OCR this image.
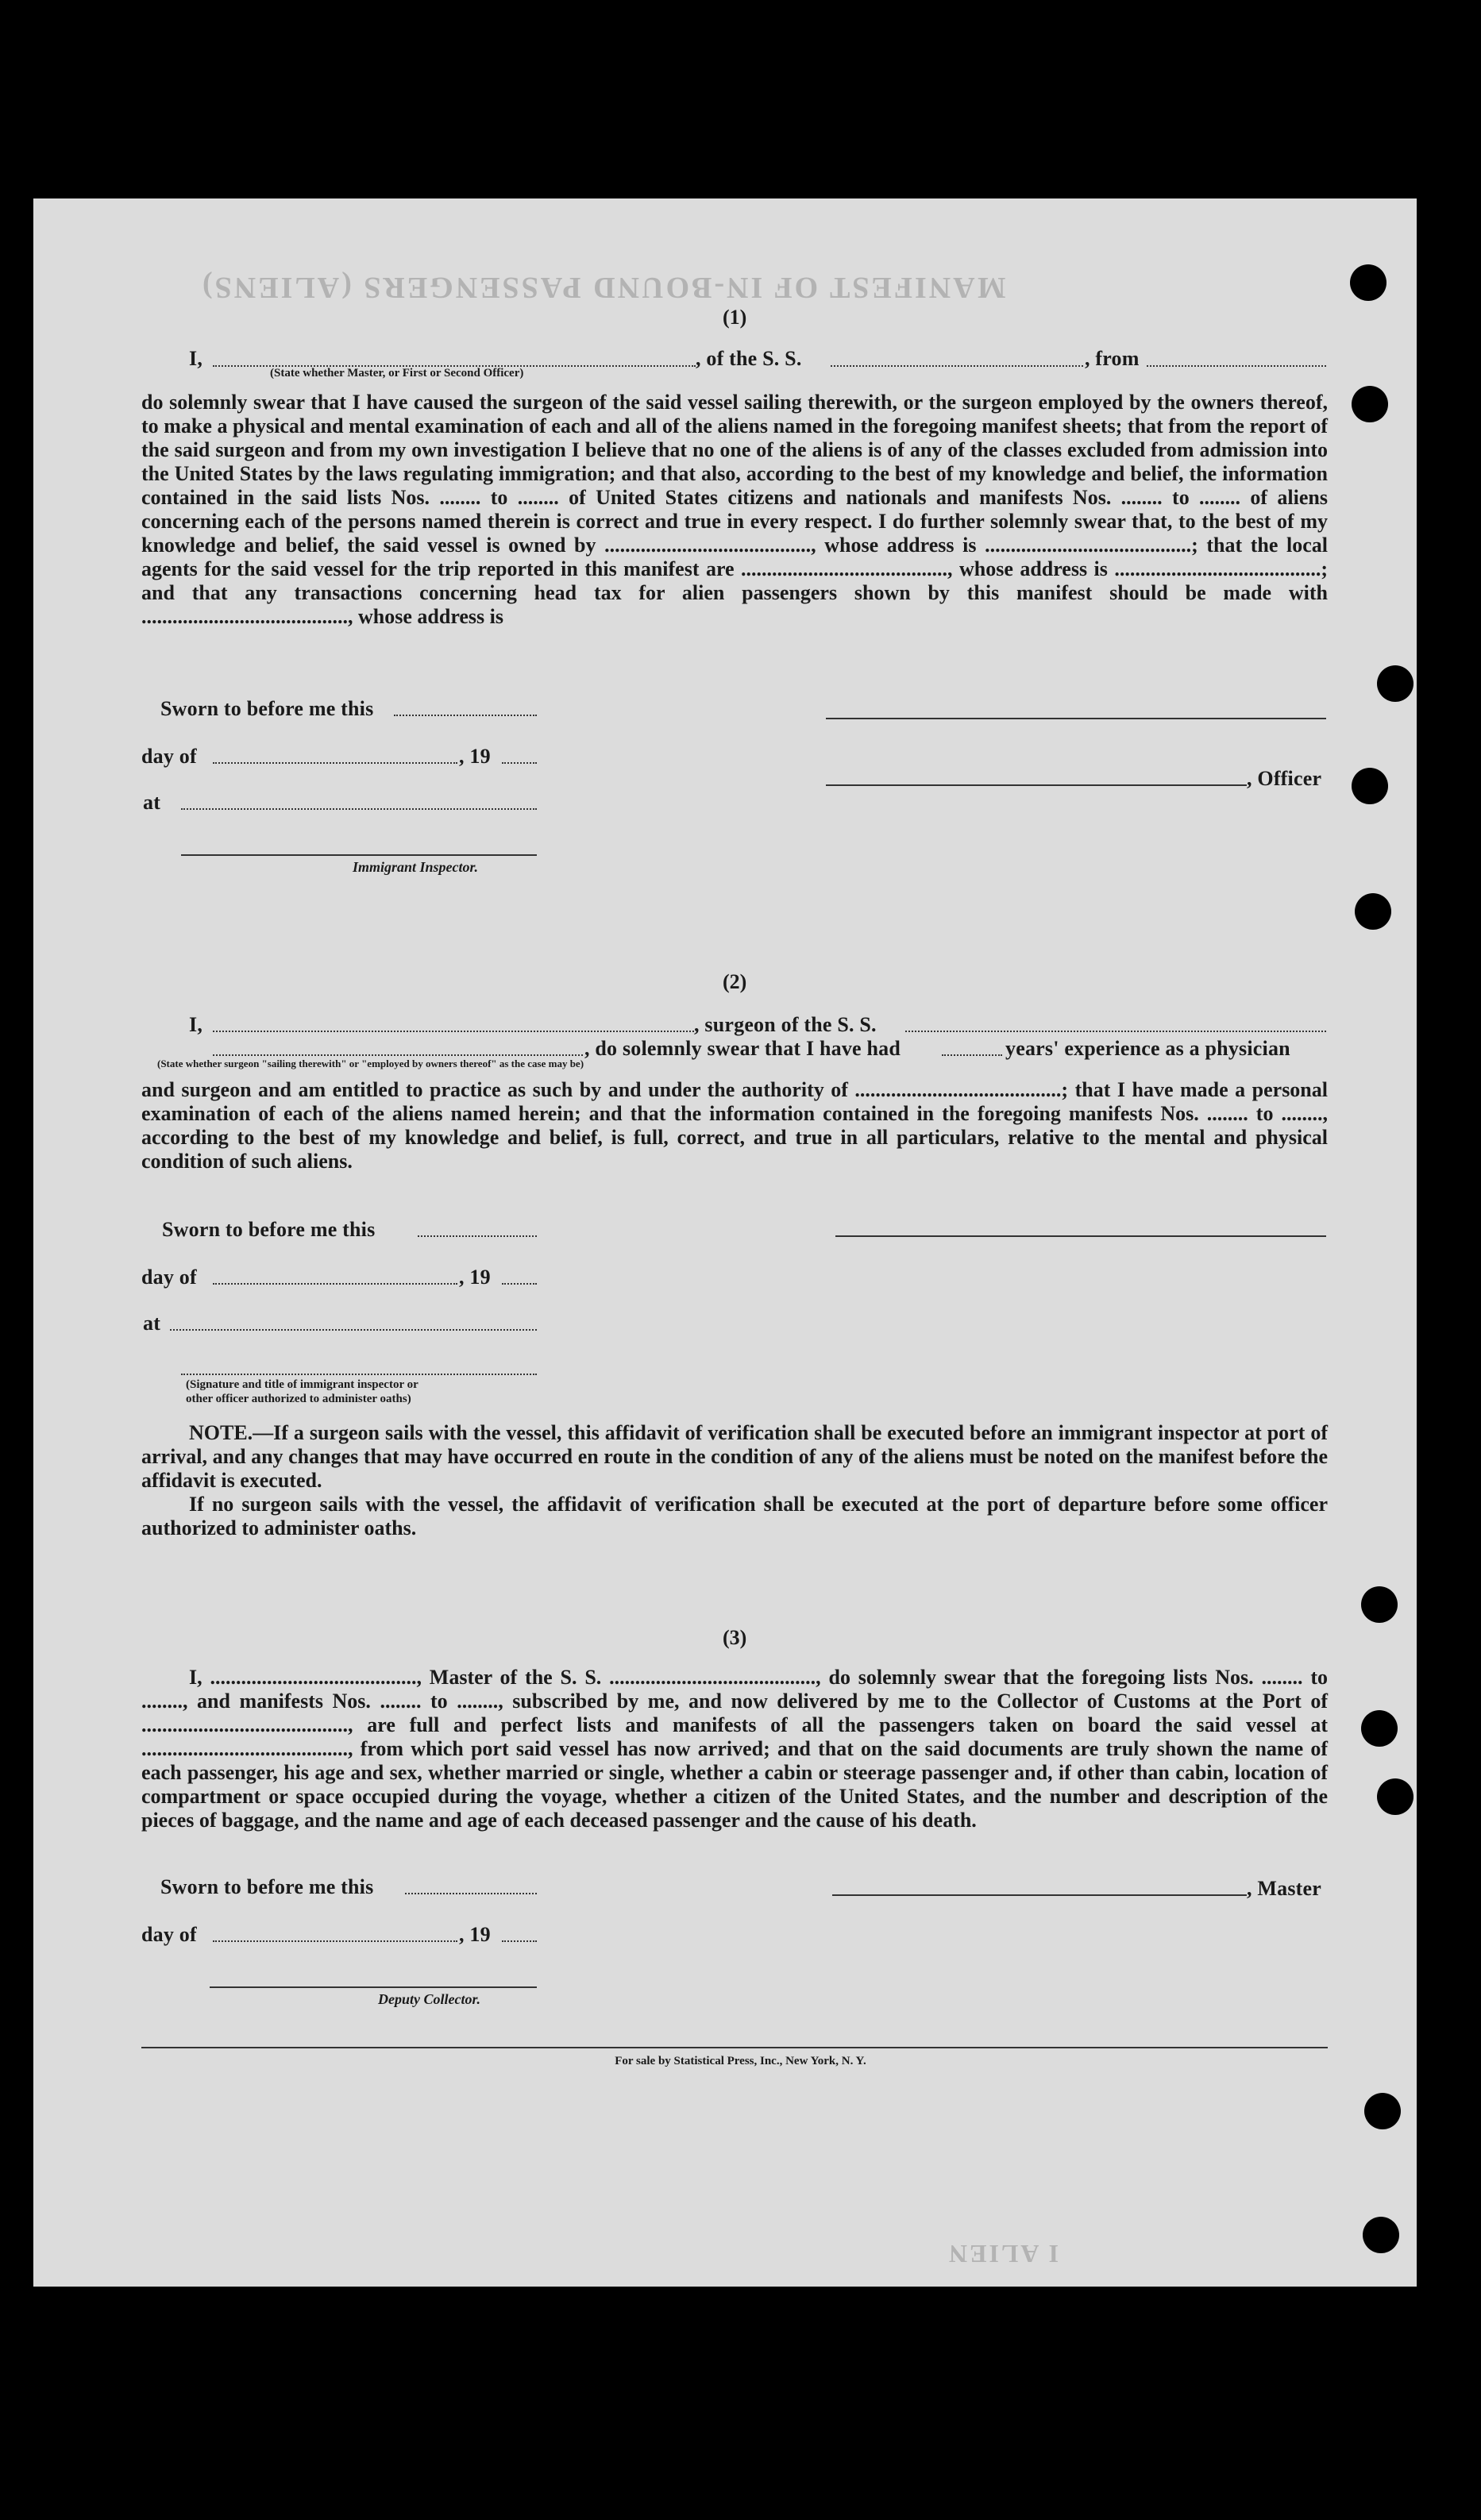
MANIFEST OF IN-BOUND PASSENGERS (ALIENS)
I ALIEN
(1)
I,	, of the S. S.	, from
(State whether Master, or First or Second Officer)
do solemnly swear that I have caused the surgeon of the said vessel sailing therewith, or the surgeon employed by the owners thereof, to make a physical and mental examination of each and all of the aliens named in the foregoing manifest sheets; that from the report of the said surgeon and from my own investigation I believe that no one of the aliens is of any of the classes excluded from admission into the United States by the laws regulating immigration; and that also, according to the best of my knowledge and belief, the information contained in the said lists Nos. ........ to ........ of United States citizens and nationals and manifests Nos. ........ to ........ of aliens concerning each of the persons named therein is correct and true in every respect. I do further solemnly swear that, to the best of my knowledge and belief, the said vessel is owned by ........................................, whose address is ........................................; that the local agents for the said vessel for the trip reported in this manifest are ........................................, whose address is ........................................; and that any transactions concerning head tax for alien passengers shown by this manifest should be made with ........................................, whose address is
Sworn to before me this
day of	, 19
at
Immigrant Inspector.
, Officer
(2)
I,	, surgeon of the S. S.
, do solemnly swear that I have had	years' experience as a physician
(State whether surgeon "sailing therewith" or "employed by owners thereof" as the case may be)
and surgeon and am entitled to practice as such by and under the authority of ........................................; that I have made a personal examination of each of the aliens named herein; and that the information contained in the foregoing manifests Nos. ........ to ........, according to the best of my knowledge and belief, is full, correct, and true in all particulars, relative to the mental and physical condition of such aliens.
Sworn to before me this
day of	, 19
at
(Signature and title of immigrant inspector or
other officer authorized to administer oaths)
NOTE.—If a surgeon sails with the vessel, this affidavit of verification shall be executed before an immigrant inspector at port of arrival, and any changes that may have occurred en route in the condition of any of the aliens must be noted on the manifest before the affidavit is executed.
If no surgeon sails with the vessel, the affidavit of verification shall be executed at the port of departure before some officer authorized to administer oaths.
(3)
I, ........................................, Master of the S. S. ........................................, do solemnly swear that the foregoing lists Nos. ........ to ........, and manifests Nos. ........ to ........, subscribed by me, and now delivered by me to the Collector of Customs at the Port of ........................................, are full and perfect lists and manifests of all the passengers taken on board the said vessel at ........................................, from which port said vessel has now arrived; and that on the said documents are truly shown the name of each passenger, his age and sex, whether married or single, whether a cabin or steerage passenger and, if other than cabin, location of compartment or space occupied during the voyage, whether a citizen of the United States, and the number and description of the pieces of baggage, and the name and age of each deceased passenger and the cause of his death.
Sworn to before me this
day of	, 19
Deputy Collector.
, Master
For sale by Statistical Press, Inc., New York, N. Y.
